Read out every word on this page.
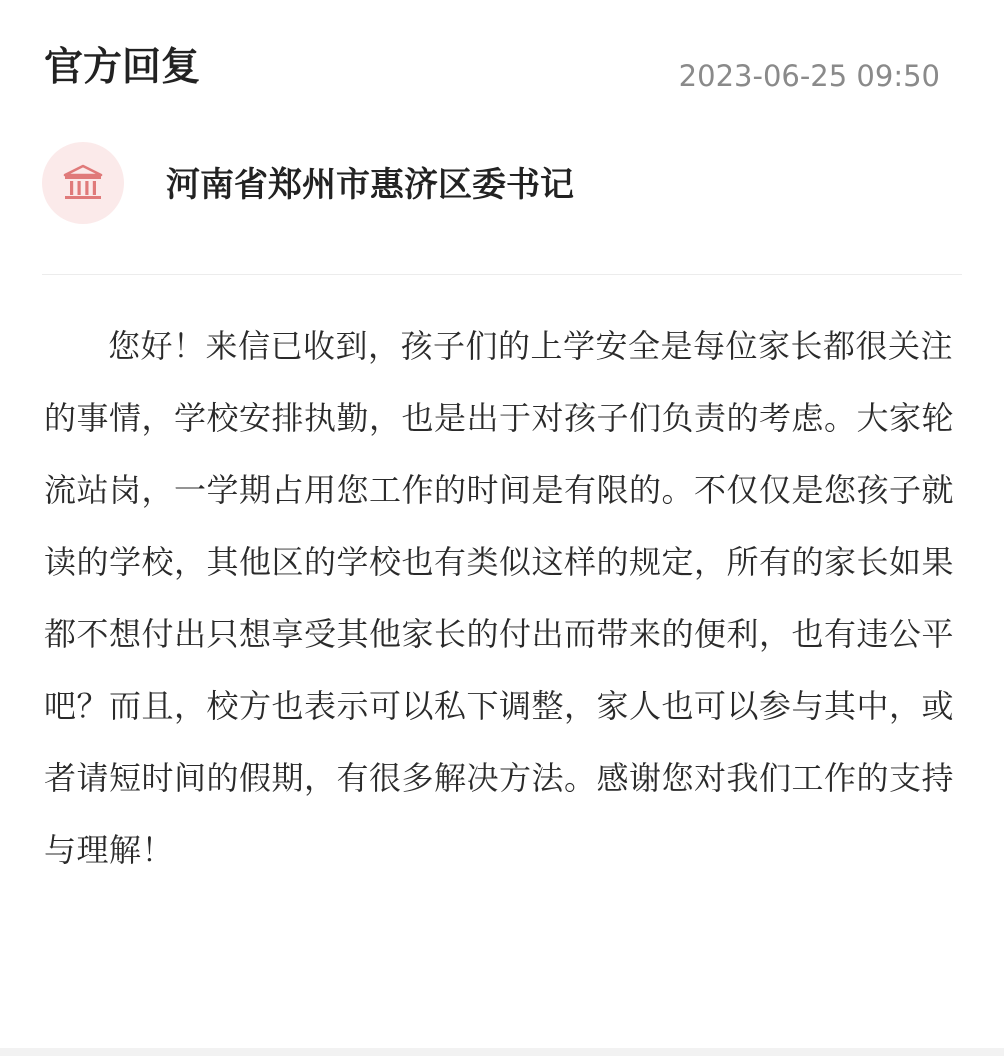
官方回复	2023-06-25 09:50
河南省郑州市惠济区委书记

您好！来信已收到，孩子们的上学安全是每位家长都很关注的事情，学校安排执勤，也是出于对孩子们负责的考虑。大家轮流站岗，一学期占用您工作的时间是有限的。不仅仅是您孩子就读的学校，其他区的学校也有类似这样的规定，所有的家长如果都不想付出只想享受其他家长的付出而带来的便利，也有违公平吧？而且，校方也表示可以私下调整，家人也可以参与其中，或者请短时间的假期，有很多解决方法。感谢您对我们工作的支持与理解！
